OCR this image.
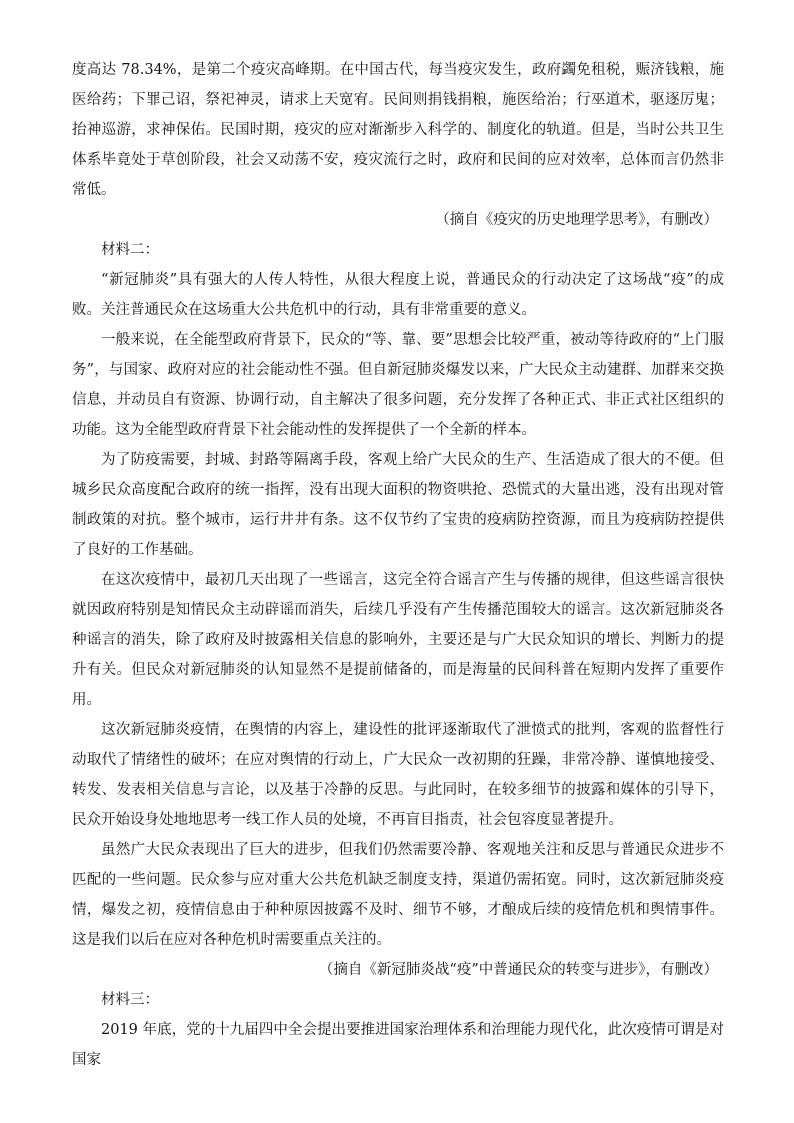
度高达 78.34%，是第二个疫灾高峰期。在中国古代，每当疫灾发生，政府蠲免租税，赈济钱粮，施医给药；下罪己诏，祭祀神灵，请求上天宽宥。民间则捐钱捐粮，施医给治；行巫道术，驱逐厉鬼；抬神巡游，求神保佑。民国时期，疫灾的应对渐渐步入科学的、制度化的轨道。但是，当时公共卫生体系毕竟处于草创阶段，社会又动荡不安，疫灾流行之时，政府和民间的应对效率，总体而言仍然非常低。

（摘自《疫灾的历史地理学思考》，有删改）

材料二：

“新冠肺炎”具有强大的人传人特性，从很大程度上说，普通民众的行动决定了这场战“疫”的成败。关注普通民众在这场重大公共危机中的行动，具有非常重要的意义。

一般来说，在全能型政府背景下，民众的“等、靠、要”思想会比较严重，被动等待政府的“上门服务”，与国家、政府对应的社会能动性不强。但自新冠肺炎爆发以来，广大民众主动建群、加群来交换信息，并动员自有资源、协调行动，自主解决了很多问题，充分发挥了各种正式、非正式社区组织的功能。这为全能型政府背景下社会能动性的发挥提供了一个全新的样本。

为了防疫需要，封城、封路等隔离手段，客观上给广大民众的生产、生活造成了很大的不便。但城乡民众高度配合政府的统一指挥，没有出现大面积的物资哄抢、恐慌式的大量出逃，没有出现对管制政策的对抗。整个城市，运行井井有条。这不仅节约了宝贵的疫病防控资源，而且为疫病防控提供了良好的工作基础。

在这次疫情中，最初几天出现了一些谣言，这完全符合谣言产生与传播的规律，但这些谣言很快就因政府特别是知情民众主动辟谣而消失，后续几乎没有产生传播范围较大的谣言。这次新冠肺炎各种谣言的消失，除了政府及时披露相关信息的影响外，主要还是与广大民众知识的增长、判断力的提升有关。但民众对新冠肺炎的认知显然不是提前储备的，而是海量的民间科普在短期内发挥了重要作用。

这次新冠肺炎疫情，在舆情的内容上，建设性的批评逐渐取代了泄愤式的批判，客观的监督性行动取代了情绪性的破坏；在应对舆情的行动上，广大民众一改初期的狂躁，非常冷静、谨慎地接受、转发、发表相关信息与言论，以及基于冷静的反思。与此同时，在较多细节的披露和媒体的引导下，民众开始设身处地地思考一线工作人员的处境，不再盲目指责，社会包容度显著提升。

虽然广大民众表现出了巨大的进步，但我们仍然需要冷静、客观地关注和反思与普通民众进步不匹配的一些问题。民众参与应对重大公共危机缺乏制度支持，渠道仍需拓宽。同时，这次新冠肺炎疫情，爆发之初，疫情信息由于种种原因披露不及时、细节不够，才酿成后续的疫情危机和舆情事件。这是我们以后在应对各种危机时需要重点关注的。

（摘自《新冠肺炎战“疫”中普通民众的转变与进步》，有删改）

材料三：

2019 年底，党的十九届四中全会提出要推进国家治理体系和治理能力现代化，此次疫情可谓是对国家
